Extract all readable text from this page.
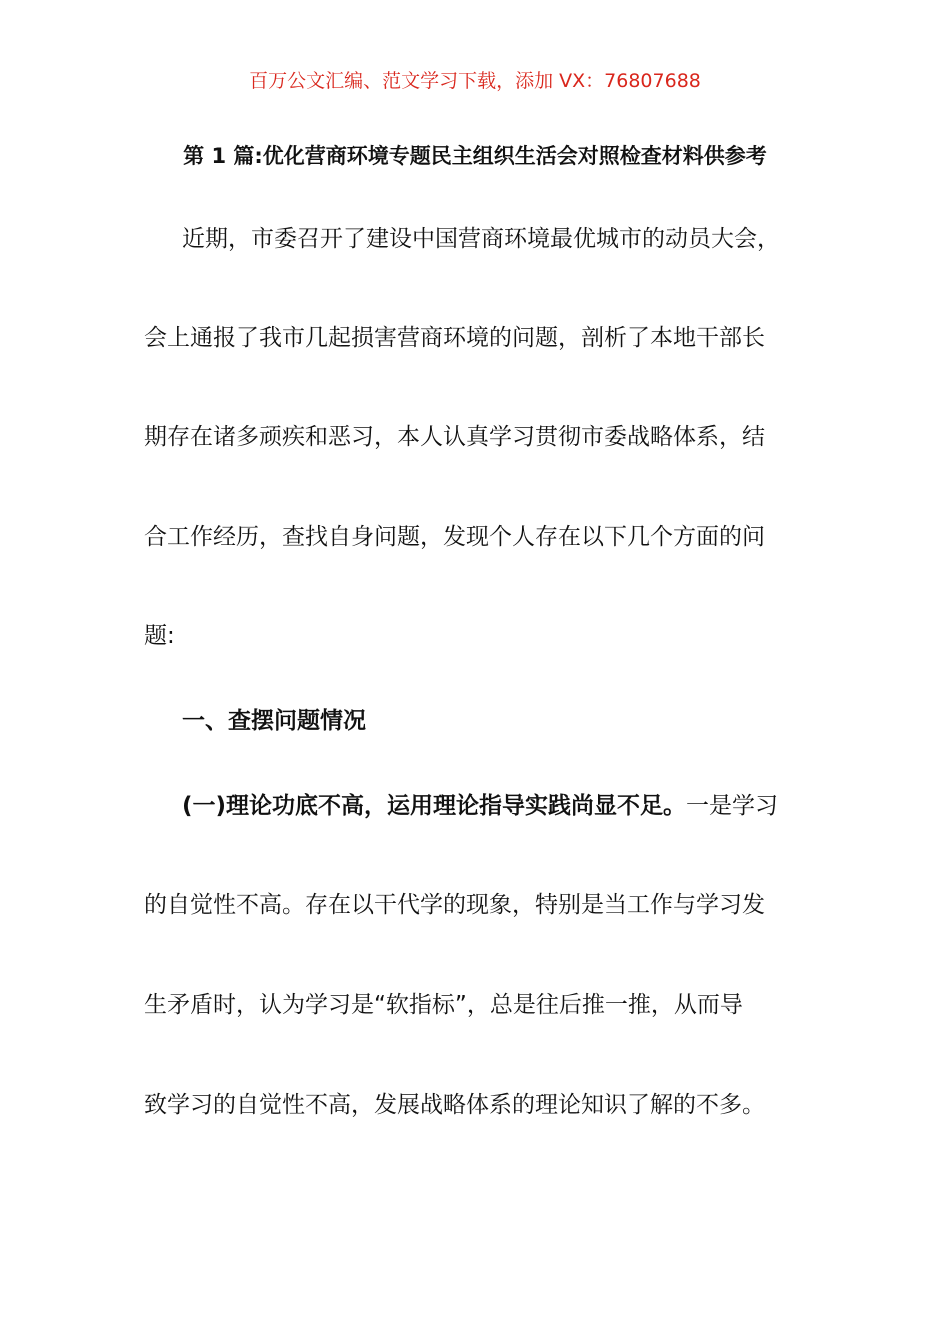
百万公文汇编、范文学习下载，添加 VX：76807688
第 1 篇:优化营商环境专题民主组织生活会对照检查材料供参考
近期，市委召开了建设中国营商环境最优城市的动员大会，
会上通报了我市几起损害营商环境的问题，剖析了本地干部长
期存在诸多顽疾和恶习，本人认真学习贯彻市委战略体系，结
合工作经历，查找自身问题，发现个人存在以下几个方面的问
题:
一、查摆问题情况
(一)理论功底不高，运用理论指导实践尚显不足。一是学习
的自觉性不高。存在以干代学的现象，特别是当工作与学习发
生矛盾时，认为学习是“软指标”，总是往后推一推，从而导
致学习的自觉性不高，发展战略体系的理论知识了解的不多。
